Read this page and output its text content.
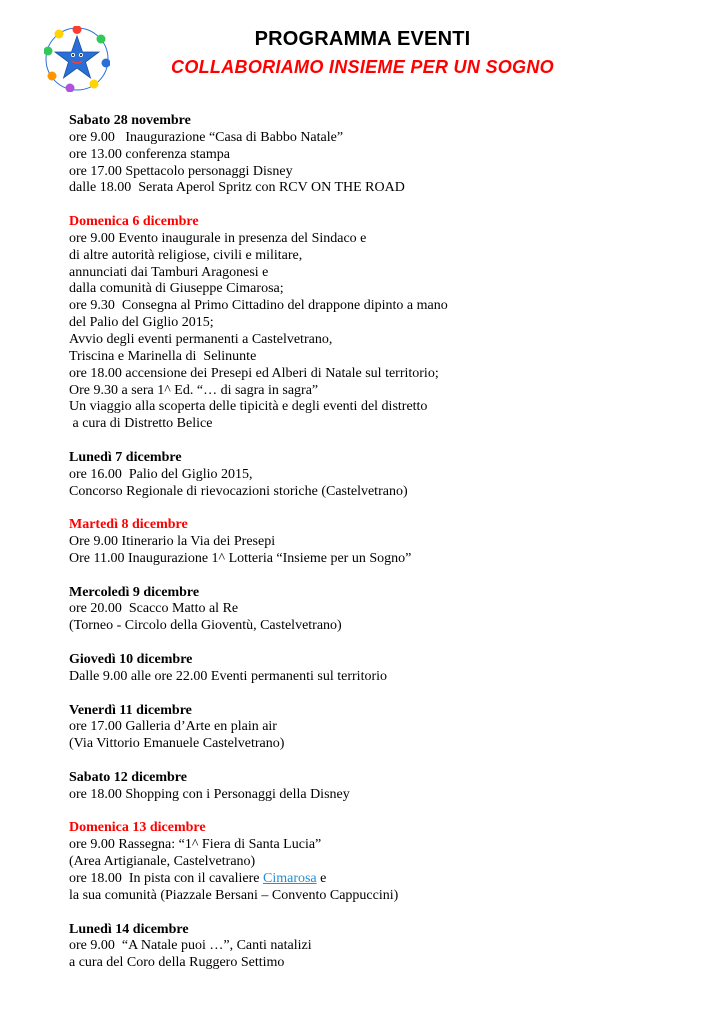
PROGRAMMA EVENTI
COLLABORIAMO INSIEME PER UN SOGNO
Sabato 28 novembre
ore 9.00   Inaugurazione “Casa di Babbo Natale”
ore 13.00 conferenza stampa
ore 17.00 Spettacolo personaggi Disney
dalle 18.00  Serata Aperol Spritz con RCV ON THE ROAD
Domenica 6 dicembre
ore 9.00 Evento inaugurale in presenza del Sindaco e
di altre autorità religiose, civili e militare,
annunciati dai Tamburi Aragonesi e
dalla comunità di Giuseppe Cimarosa;
ore 9.30  Consegna al Primo Cittadino del drappone dipinto a mano
del Palio del Giglio 2015;
Avvio degli eventi permanenti a Castelvetrano,
Triscina e Marinella di  Selinunte
ore 18.00 accensione dei Presepi ed Alberi di Natale sul territorio;
Ore 9.30 a sera 1^ Ed. “… di sagra in sagra”
Un viaggio alla scoperta delle tipicità e degli eventi del distretto
a cura di Distretto Belice
Lunedì 7 dicembre
ore 16.00  Palio del Giglio 2015,
Concorso Regionale di rievocazioni storiche (Castelvetrano)
Martedì 8 dicembre
Ore 9.00 Itinerario la Via dei Presepi
Ore 11.00 Inaugurazione 1^ Lotteria “Insieme per un Sogno”
Mercoledì 9 dicembre
ore 20.00  Scacco Matto al Re
(Torneo - Circolo della Gioventù, Castelvetrano)
Giovedì 10 dicembre
Dalle 9.00 alle ore 22.00 Eventi permanenti sul territorio
Venerdì 11 dicembre
ore 17.00 Galleria d’Arte en plain air
(Via Vittorio Emanuele Castelvetrano)
Sabato 12 dicembre
ore 18.00 Shopping con i Personaggi della Disney
Domenica 13 dicembre
ore 9.00 Rassegna: “1^ Fiera di Santa Lucia”
(Area Artigianale, Castelvetrano)
ore 18.00  In pista con il cavaliere Cimarosa e
la sua comunità (Piazzale Bersani – Convento Cappuccini)
Lunedì 14 dicembre
ore 9.00  “A Natale puoi …”, Canti natalizi
a cura del Coro della Ruggero Settimo
